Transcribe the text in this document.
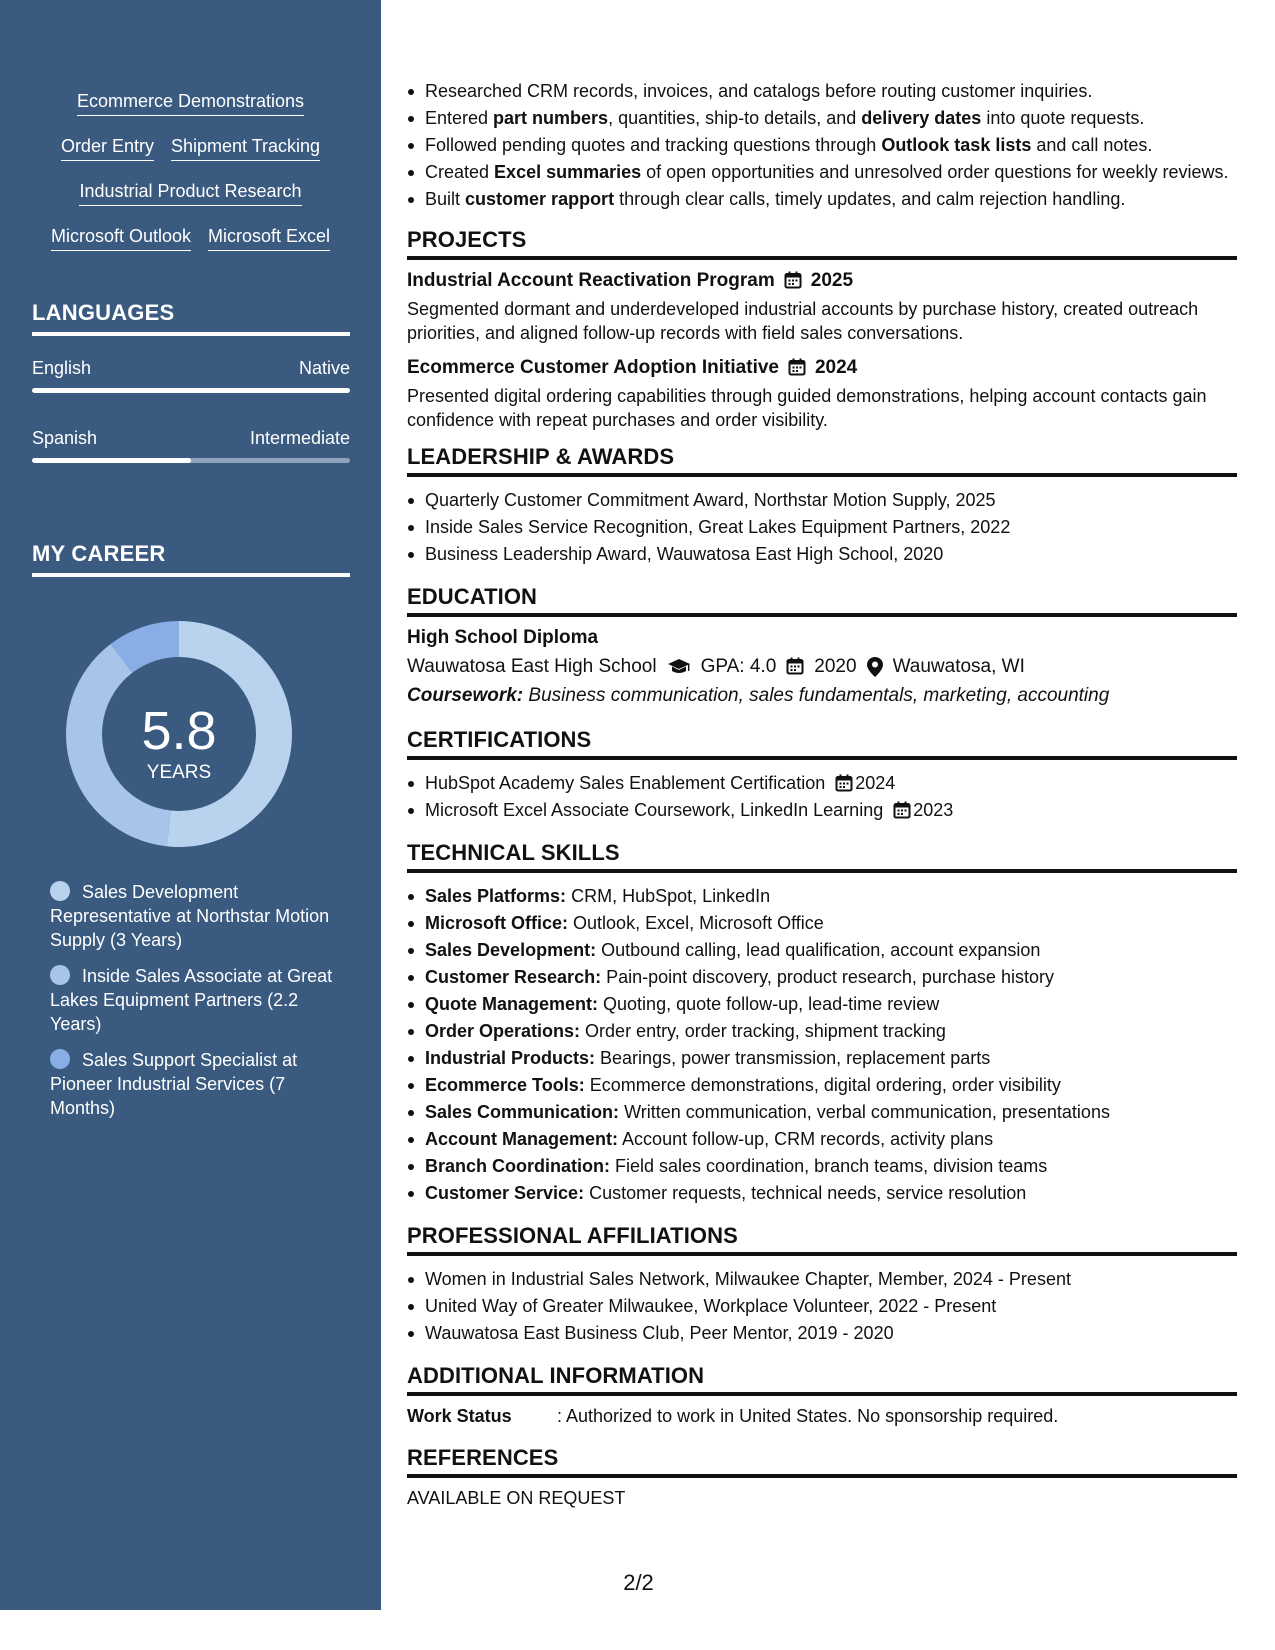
Ecommerce Demonstrations
Order Entry Shipment Tracking
Industrial Product Research
Microsoft Outlook Microsoft Excel
LANGUAGES
English	Native
Spanish	Intermediate
MY CAREER
5.8
YEARS
Sales Development Representative at Northstar Motion Supply (3 Years)
Inside Sales Associate at Great Lakes Equipment Partners (2.2 Years)
Sales Support Specialist at Pioneer Industrial Services (7 Months)
Researched CRM records, invoices, and catalogs before routing customer inquiries.
Entered part numbers, quantities, ship-to details, and delivery dates into quote requests.
Followed pending quotes and tracking questions through Outlook task lists and call notes.
Created Excel summaries of open opportunities and unresolved order questions for weekly reviews.
Built customer rapport through clear calls, timely updates, and calm rejection handling.
PROJECTS
Industrial Account Reactivation Program 2025
Segmented dormant and underdeveloped industrial accounts by purchase history, created outreach priorities, and aligned follow-up records with field sales conversations.
Ecommerce Customer Adoption Initiative 2024
Presented digital ordering capabilities through guided demonstrations, helping account contacts gain confidence with repeat purchases and order visibility.
LEADERSHIP & AWARDS
Quarterly Customer Commitment Award, Northstar Motion Supply, 2025
Inside Sales Service Recognition, Great Lakes Equipment Partners, 2022
Business Leadership Award, Wauwatosa East High School, 2020
EDUCATION
High School Diploma
Wauwatosa East High School GPA: 4.0 2020 Wauwatosa, WI
Coursework: Business communication, sales fundamentals, marketing, accounting
CERTIFICATIONS
HubSpot Academy Sales Enablement Certification 2024
Microsoft Excel Associate Coursework, LinkedIn Learning 2023
TECHNICAL SKILLS
Sales Platforms: CRM, HubSpot, LinkedIn
Microsoft Office: Outlook, Excel, Microsoft Office
Sales Development: Outbound calling, lead qualification, account expansion
Customer Research: Pain-point discovery, product research, purchase history
Quote Management: Quoting, quote follow-up, lead-time review
Order Operations: Order entry, order tracking, shipment tracking
Industrial Products: Bearings, power transmission, replacement parts
Ecommerce Tools: Ecommerce demonstrations, digital ordering, order visibility
Sales Communication: Written communication, verbal communication, presentations
Account Management: Account follow-up, CRM records, activity plans
Branch Coordination: Field sales coordination, branch teams, division teams
Customer Service: Customer requests, technical needs, service resolution
PROFESSIONAL AFFILIATIONS
Women in Industrial Sales Network, Milwaukee Chapter, Member, 2024 - Present
United Way of Greater Milwaukee, Workplace Volunteer, 2022 - Present
Wauwatosa East Business Club, Peer Mentor, 2019 - 2020
ADDITIONAL INFORMATION
Work Status	: Authorized to work in United States. No sponsorship required.
REFERENCES
AVAILABLE ON REQUEST
2/2
